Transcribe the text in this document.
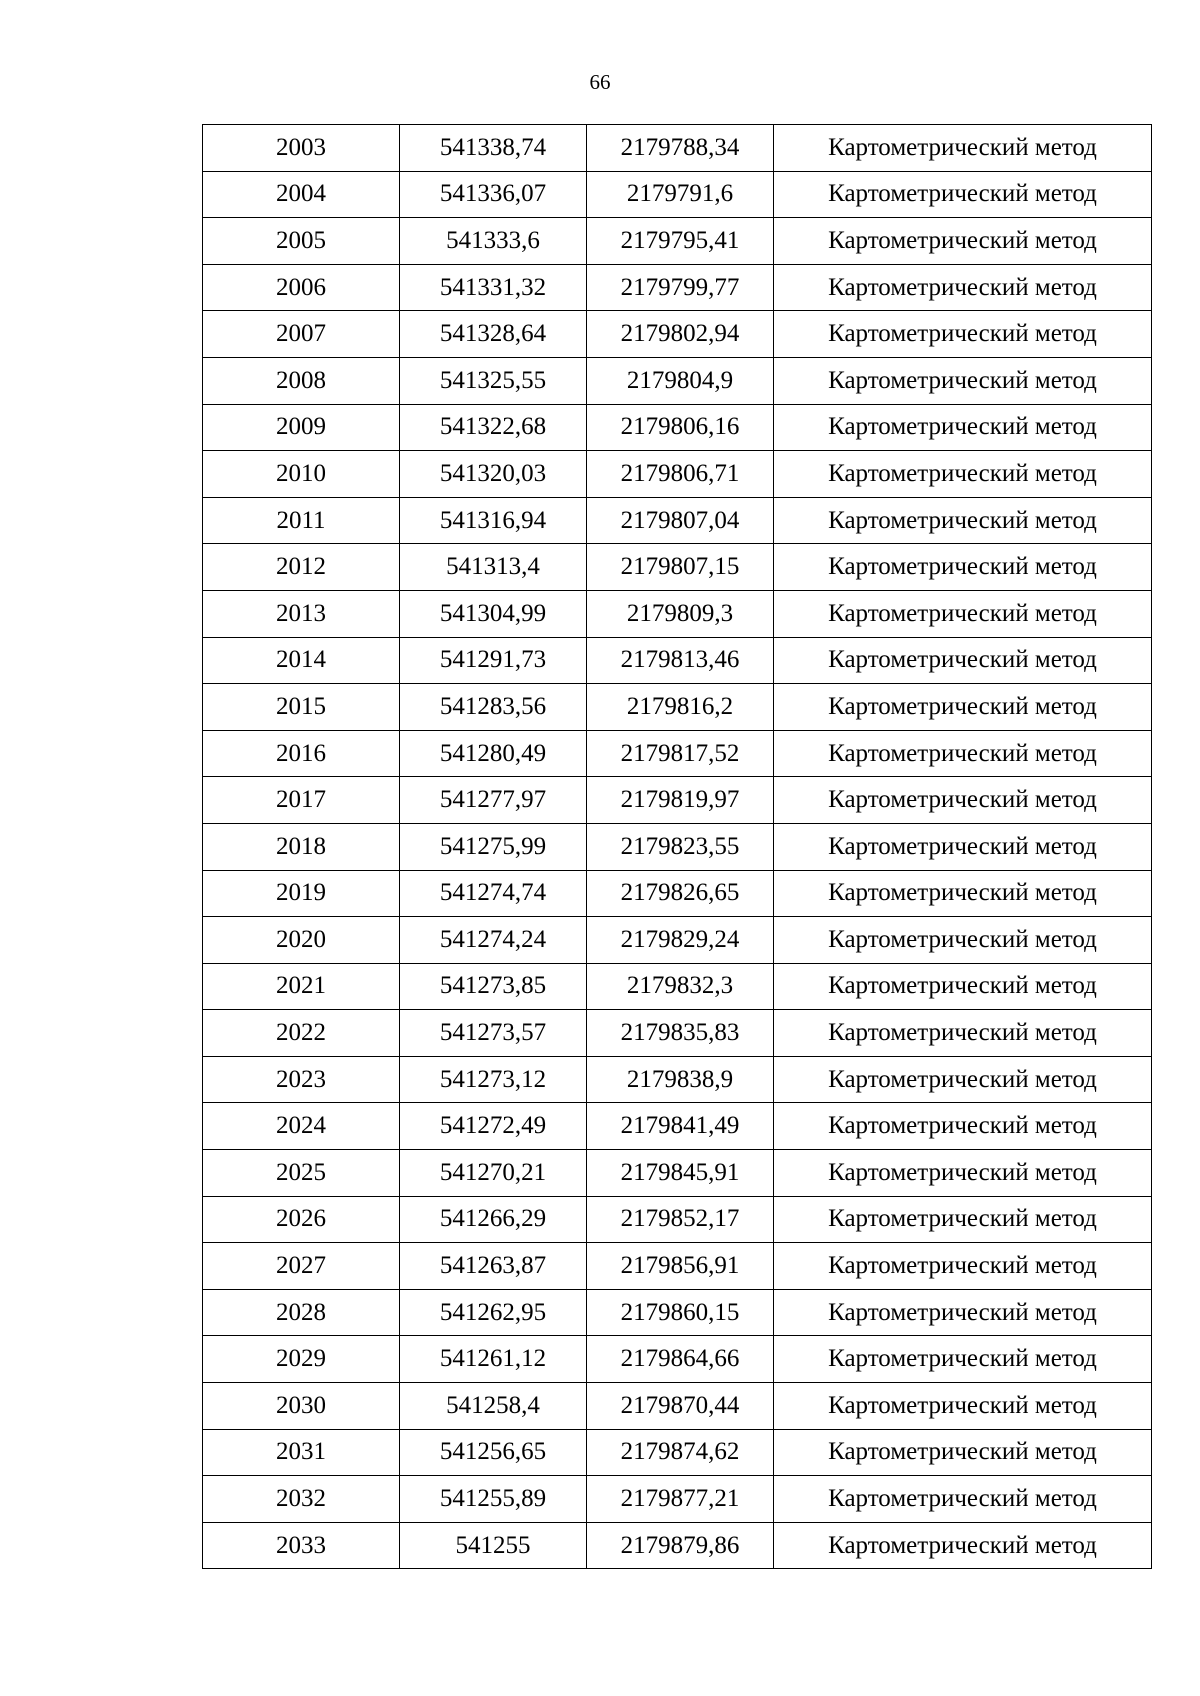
66
2003	541338,74	2179788,34	Картометрический метод
2004	541336,07	2179791,6	Картометрический метод
2005	541333,6	2179795,41	Картометрический метод
2006	541331,32	2179799,77	Картометрический метод
2007	541328,64	2179802,94	Картометрический метод
2008	541325,55	2179804,9	Картометрический метод
2009	541322,68	2179806,16	Картометрический метод
2010	541320,03	2179806,71	Картометрический метод
2011	541316,94	2179807,04	Картометрический метод
2012	541313,4	2179807,15	Картометрический метод
2013	541304,99	2179809,3	Картометрический метод
2014	541291,73	2179813,46	Картометрический метод
2015	541283,56	2179816,2	Картометрический метод
2016	541280,49	2179817,52	Картометрический метод
2017	541277,97	2179819,97	Картометрический метод
2018	541275,99	2179823,55	Картометрический метод
2019	541274,74	2179826,65	Картометрический метод
2020	541274,24	2179829,24	Картометрический метод
2021	541273,85	2179832,3	Картометрический метод
2022	541273,57	2179835,83	Картометрический метод
2023	541273,12	2179838,9	Картометрический метод
2024	541272,49	2179841,49	Картометрический метод
2025	541270,21	2179845,91	Картометрический метод
2026	541266,29	2179852,17	Картометрический метод
2027	541263,87	2179856,91	Картометрический метод
2028	541262,95	2179860,15	Картометрический метод
2029	541261,12	2179864,66	Картометрический метод
2030	541258,4	2179870,44	Картометрический метод
2031	541256,65	2179874,62	Картометрический метод
2032	541255,89	2179877,21	Картометрический метод
2033	541255	2179879,86	Картометрический метод
